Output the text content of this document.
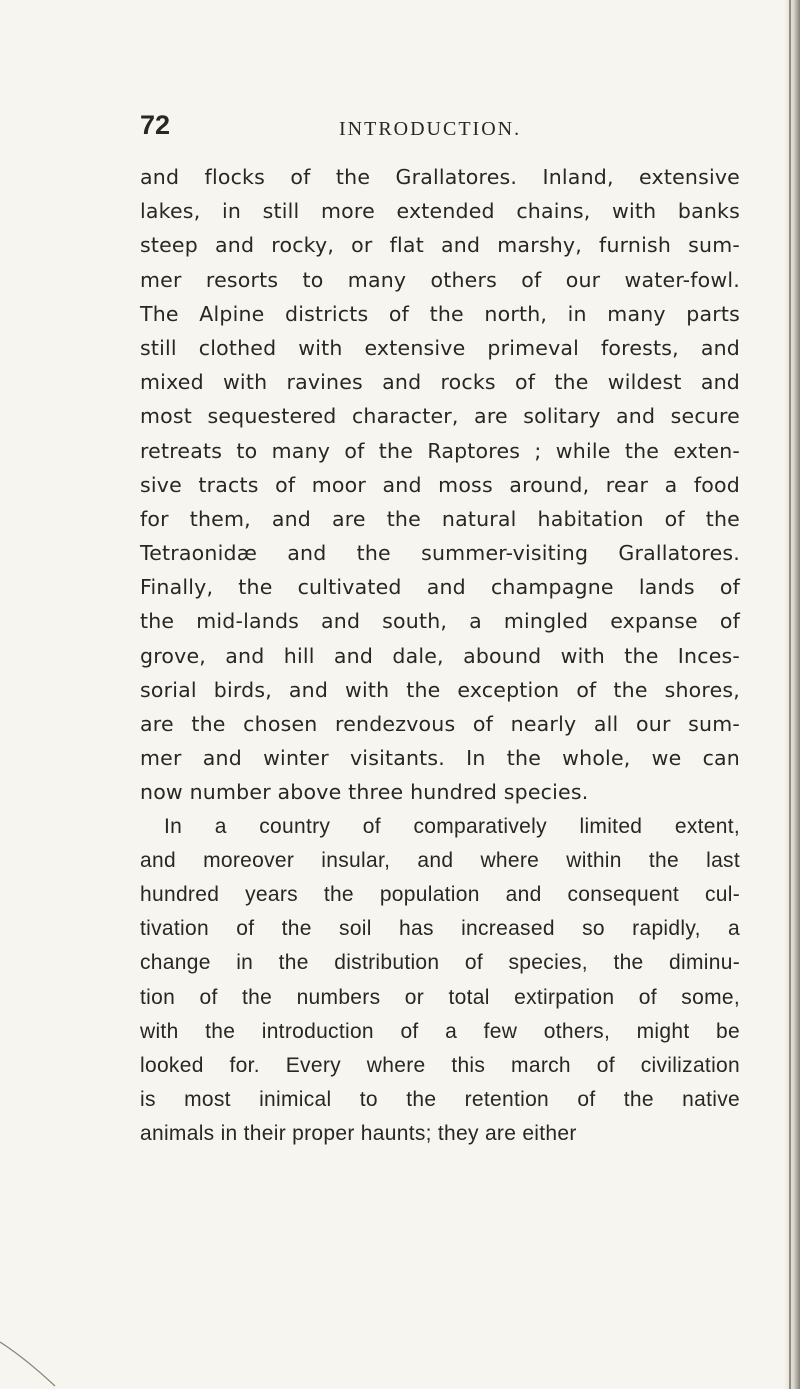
72	INTRODUCTION.
and flocks of the Grallatores. Inland, extensive
lakes, in still more extended chains, with banks
steep and rocky, or flat and marshy, furnish sum-
mer resorts to many others of our water-fowl.
The Alpine districts of the north, in many parts
still clothed with extensive primeval forests, and
mixed with ravines and rocks of the wildest and
most sequestered character, are solitary and secure
retreats to many of the Raptores ; while the exten-
sive tracts of moor and moss around, rear a food
for them, and are the natural habitation of the
Tetraonidæ and the summer-visiting Grallatores.
Finally, the cultivated and champagne lands of
the mid-lands and south, a mingled expanse of
grove, and hill and dale, abound with the Inces-
sorial birds, and with the exception of the shores,
are the chosen rendezvous of nearly all our sum-
mer and winter visitants. In the whole, we can
now number above three hundred species.
In a country of comparatively limited extent,
and moreover insular, and where within the last
hundred years the population and consequent cul-
tivation of the soil has increased so rapidly, a
change in the distribution of species, the diminu-
tion of the numbers or total extirpation of some,
with the introduction of a few others, might be
looked for. Every where this march of civilization
is most inimical to the retention of the native
animals in their proper haunts; they are either
